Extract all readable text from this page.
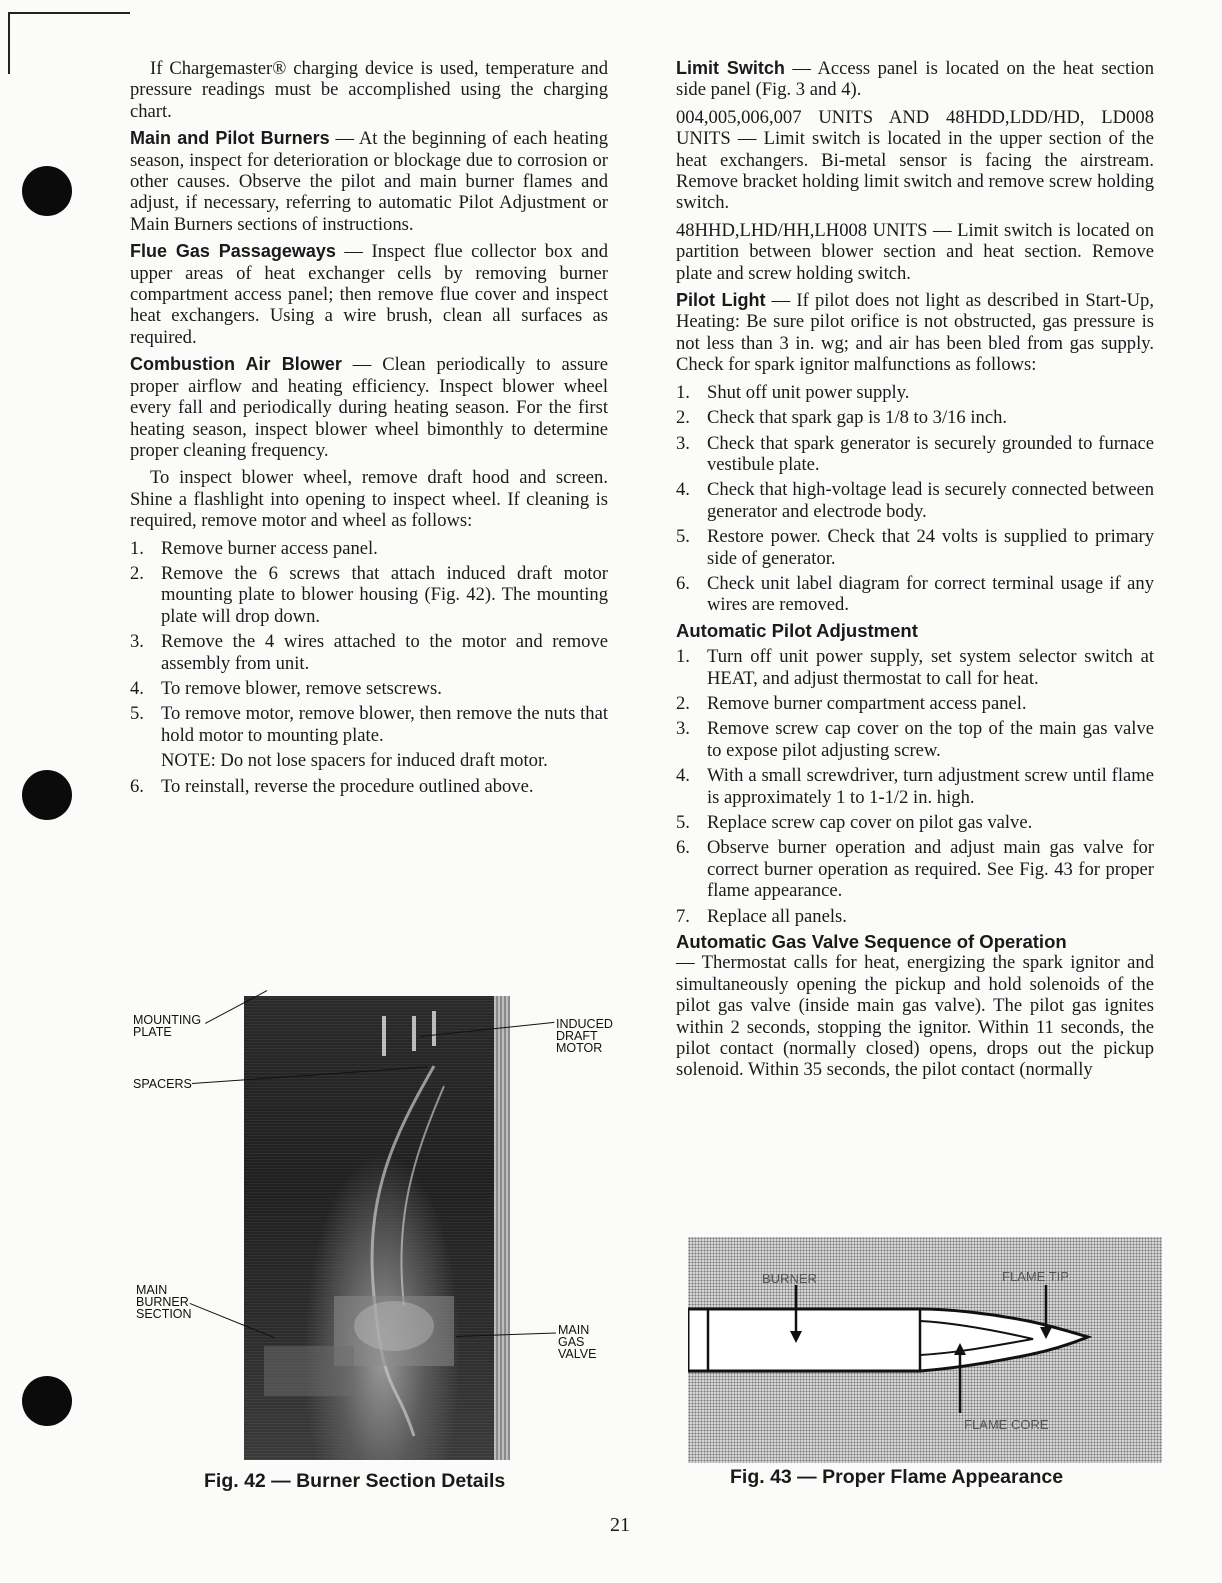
If Chargemaster® charging device is used, temperature and pressure readings must be accomplished using the charging chart.

Main and Pilot Burners — At the beginning of each heating season, inspect for deterioration or blockage due to corrosion or other causes. Observe the pilot and main burner flames and adjust, if necessary, referring to automatic Pilot Adjustment or Main Burners sections of instructions.

Flue Gas Passageways — Inspect flue collector box and upper areas of heat exchanger cells by removing burner compartment access panel; then remove flue cover and inspect heat exchangers. Using a wire brush, clean all surfaces as required.

Combustion Air Blower — Clean periodically to assure proper airflow and heating efficiency. Inspect blower wheel every fall and periodically during heating season. For the first heating season, inspect blower wheel bimonthly to determine proper cleaning frequency.

To inspect blower wheel, remove draft hood and screen. Shine a flashlight into opening to inspect wheel. If cleaning is required, remove motor and wheel as follows:

1. Remove burner access panel.
2. Remove the 6 screws that attach induced draft motor mounting plate to blower housing (Fig. 42). The mounting plate will drop down.
3. Remove the 4 wires attached to the motor and remove assembly from unit.
4. To remove blower, remove setscrews.
5. To remove motor, remove blower, then remove the nuts that hold motor to mounting plate.

NOTE: Do not lose spacers for induced draft motor.

6. To reinstall, reverse the procedure outlined above.
MOUNTING PLATE
SPACERS
MAIN BURNER SECTION
INDUCED DRAFT MOTOR
MAIN GAS VALVE
Fig. 42 — Burner Section Details

Limit Switch — Access panel is located on the heat section side panel (Fig. 3 and 4).

004,005,006,007 UNITS AND 48HDD,LDD/HD, LD008 UNITS — Limit switch is located in the upper section of the heat exchangers. Bi-metal sensor is facing the airstream. Remove bracket holding limit switch and remove screw holding switch.

48HHD,LHD/HH,LH008 UNITS — Limit switch is located on partition between blower section and heat section. Remove plate and screw holding switch.

Pilot Light — If pilot does not light as described in Start-Up, Heating: Be sure pilot orifice is not obstructed, gas pressure is not less than 3 in. wg; and air has been bled from gas supply. Check for spark ignitor malfunctions as follows:

1. Shut off unit power supply.
2. Check that spark gap is 1/8 to 3/16 inch.
3. Check that spark generator is securely grounded to furnace vestibule plate.
4. Check that high-voltage lead is securely connected between generator and electrode body.
5. Restore power. Check that 24 volts is supplied to primary side of generator.
6. Check unit label diagram for correct terminal usage if any wires are removed.
Automatic Pilot Adjustment
1. Turn off unit power supply, set system selector switch at HEAT, and adjust thermostat to call for heat.
2. Remove burner compartment access panel.
3. Remove screw cap cover on the top of the main gas valve to expose pilot adjusting screw.
4. With a small screwdriver, turn adjustment screw until flame is approximately 1 to 1-1/2 in. high.
5. Replace screw cap cover on pilot gas valve.
6. Observe burner operation and adjust main gas valve for correct burner operation as required. See Fig. 43 for proper flame appearance.
7. Replace all panels.
Automatic Gas Valve Sequence of Operation

— Thermostat calls for heat, energizing the spark ignitor and simultaneously opening the pickup and hold solenoids of the pilot gas valve (inside main gas valve). The pilot gas ignites within 2 seconds, stopping the ignitor. Within 11 seconds, the pilot contact (normally closed) opens, drops out the pickup solenoid. Within 35 seconds, the pilot contact (normally

BURNER	FLAME TIP
FLAME CORE
Fig. 43 — Proper Flame Appearance
21
